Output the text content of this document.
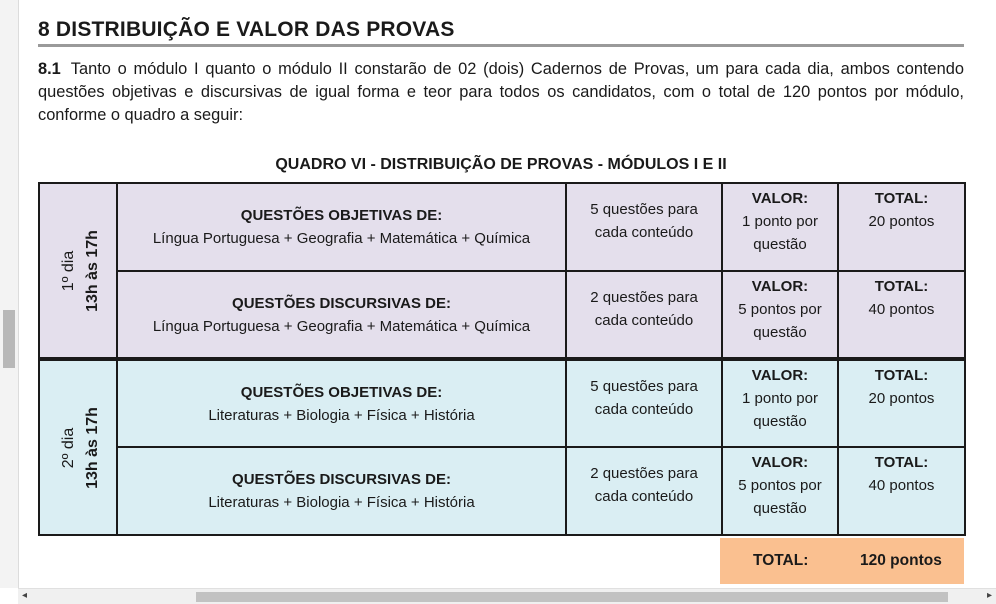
8 DISTRIBUIÇÃO E VALOR DAS PROVAS
8.1 Tanto o módulo I quanto o módulo II constarão de 02 (dois) Cadernos de Provas, um para cada dia, ambos contendo questões objetivas e discursivas de igual forma e teor para todos os candidatos, com o total de 120 pontos por módulo, conforme o quadro a seguir:
QUADRO VI - DISTRIBUIÇÃO DE PROVAS - MÓDULOS I E II
1º dia 13h às 17h	QUESTÕES OBJETIVAS DE:
Língua Portuguesa + Geografia + Matemática + Química	5 questões para
cada conteúdo	VALOR:
1 ponto por
questão	TOTAL:
20 pontos

	QUESTÕES DISCURSIVAS DE:
Língua Portuguesa + Geografia + Matemática + Química	2 questões para
cada conteúdo	VALOR:
5 pontos por
questão	TOTAL:
40 pontos

2º dia 13h às 17h	QUESTÕES OBJETIVAS DE:
Literaturas + Biologia + Física + História	5 questões para
cada conteúdo	VALOR:
1 ponto por
questão	TOTAL:
20 pontos

	QUESTÕES DISCURSIVAS DE:
Literaturas + Biologia + Física + História	2 questões para
cada conteúdo	VALOR:
5 pontos por
questão	TOTAL:
40 pontos
TOTAL:	120 pontos
◂	▸
